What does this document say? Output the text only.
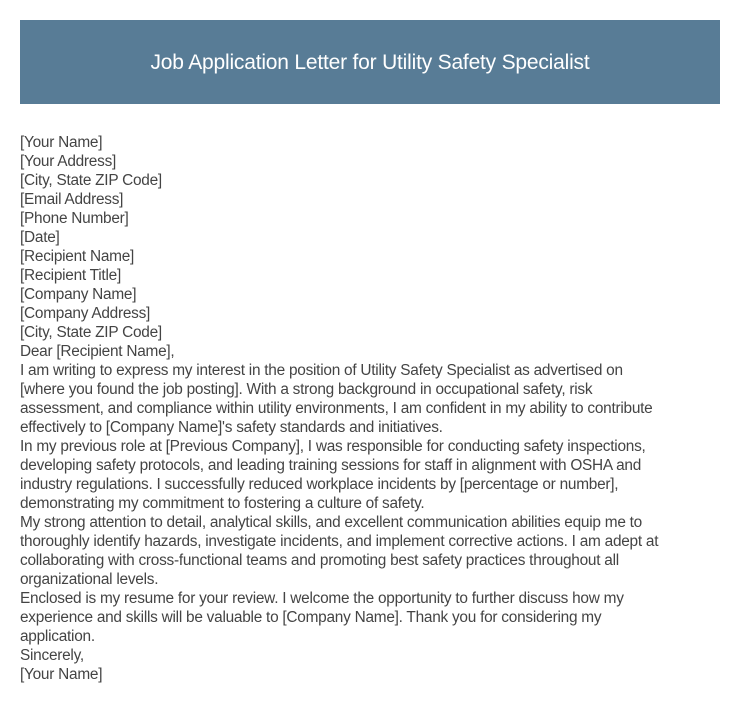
Job Application Letter for Utility Safety Specialist
[Your Name]
[Your Address]
[City, State ZIP Code]
[Email Address]
[Phone Number]
[Date]
[Recipient Name]
[Recipient Title]
[Company Name]
[Company Address]
[City, State ZIP Code]
Dear [Recipient Name],

I am writing to express my interest in the position of Utility Safety Specialist as advertised on
[where you found the job posting]. With a strong background in occupational safety, risk
assessment, and compliance within utility environments, I am confident in my ability to contribute
effectively to [Company Name]'s safety standards and initiatives.

In my previous role at [Previous Company], I was responsible for conducting safety inspections,
developing safety protocols, and leading training sessions for staff in alignment with OSHA and
industry regulations. I successfully reduced workplace incidents by [percentage or number],
demonstrating my commitment to fostering a culture of safety.

My strong attention to detail, analytical skills, and excellent communication abilities equip me to
thoroughly identify hazards, investigate incidents, and implement corrective actions. I am adept at
collaborating with cross-functional teams and promoting best safety practices throughout all
organizational levels.

Enclosed is my resume for your review. I welcome the opportunity to further discuss how my
experience and skills will be valuable to [Company Name]. Thank you for considering my
application.

Sincerely,
[Your Name]
